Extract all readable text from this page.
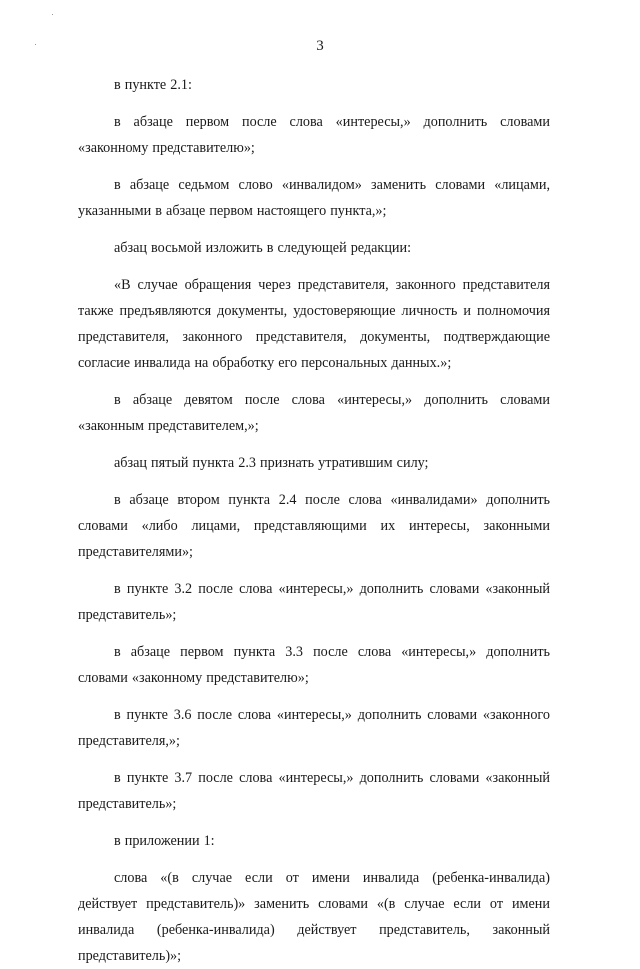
3

в пункте 2.1:

в абзаце первом после слова «интересы,» дополнить словами «законному представителю»;

в абзаце седьмом слово «инвалидом» заменить словами «лицами, указанными в абзаце первом настоящего пункта,»;

абзац восьмой изложить в следующей редакции:

«В случае обращения через представителя, законного представителя также предъявляются документы, удостоверяющие личность и полномочия представителя, законного представителя, документы, подтверждающие согласие инвалида на обработку его персональных данных.»;

в абзаце девятом после слова «интересы,» дополнить словами «законным представителем,»;

абзац пятый пункта 2.3 признать утратившим силу;

в абзаце втором пункта 2.4 после слова «инвалидами» дополнить словами «либо лицами, представляющими их интересы, законными представителями»;

в пункте 3.2 после слова «интересы,» дополнить словами «законный представитель»;

в абзаце первом пункта 3.3 после слова «интересы,» дополнить словами «законному представителю»;

в пункте 3.6 после слова «интересы,» дополнить словами «законного представителя,»;

в пункте 3.7 после слова «интересы,» дополнить словами «законный представитель»;

в приложении 1:

слова «(в случае если от имени инвалида (ребенка-инвалида) действует представитель)» заменить словами «(в случае если от имени инвалида (ребенка-инвалида) действует представитель, законный представитель)»;
